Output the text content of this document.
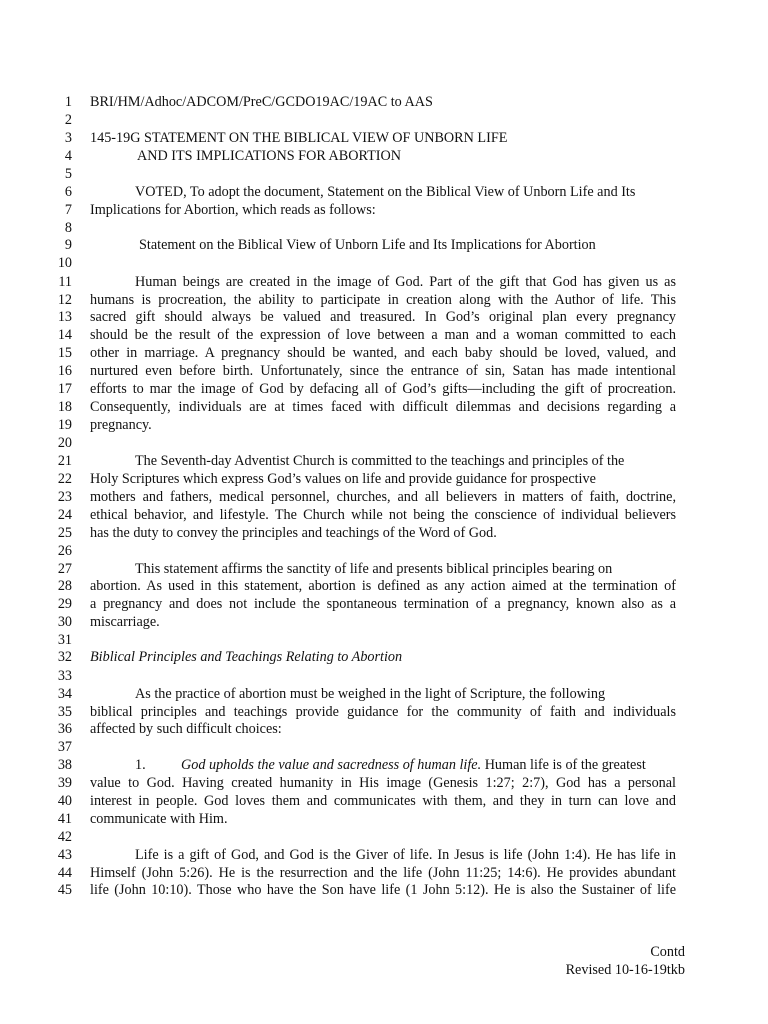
1 BRI/HM/Adhoc/ADCOM/PreC/GCDO19AC/19AC to AAS
2
3 145-19G STATEMENT ON THE BIBLICAL VIEW OF UNBORN LIFE
4	AND ITS IMPLICATIONS FOR ABORTION
5
6	VOTED, To adopt the document, Statement on the Biblical View of Unborn Life and Its
7 Implications for Abortion, which reads as follows:
8
9	Statement on the Biblical View of Unborn Life and Its Implications for Abortion
10
11	Human beings are created in the image of God. Part of the gift that God has given us as
12 humans is procreation, the ability to participate in creation along with the Author of life. This
13 sacred gift should always be valued and treasured. In God’s original plan every pregnancy
14 should be the result of the expression of love between a man and a woman committed to each
15 other in marriage. A pregnancy should be wanted, and each baby should be loved, valued, and
16 nurtured even before birth. Unfortunately, since the entrance of sin, Satan has made intentional
17 efforts to mar the image of God by defacing all of God’s gifts—including the gift of procreation.
18 Consequently, individuals are at times faced with difficult dilemmas and decisions regarding a
19 pregnancy.
20
21	The Seventh-day Adventist Church is committed to the teachings and principles of the
22 Holy Scriptures which express God’s values on life and provide guidance for prospective
23 mothers and fathers, medical personnel, churches, and all believers in matters of faith, doctrine,
24 ethical behavior, and lifestyle. The Church while not being the conscience of individual believers
25 has the duty to convey the principles and teachings of the Word of God.
26
27	This statement affirms the sanctity of life and presents biblical principles bearing on
28 abortion. As used in this statement, abortion is defined as any action aimed at the termination of
29 a pregnancy and does not include the spontaneous termination of a pregnancy, known also as a
30 miscarriage.
31
32 Biblical Principles and Teachings Relating to Abortion
33
34	As the practice of abortion must be weighed in the light of Scripture, the following
35 biblical principles and teachings provide guidance for the community of faith and individuals
36 affected by such difficult choices:
37
38	1. God upholds the value and sacredness of human life. Human life is of the greatest
39 value to God. Having created humanity in His image (Genesis 1:27; 2:7), God has a personal
40 interest in people. God loves them and communicates with them, and they in turn can love and
41 communicate with Him.
42
43	Life is a gift of God, and God is the Giver of life. In Jesus is life (John 1:4). He has life in
44 Himself (John 5:26). He is the resurrection and the life (John 11:25; 14:6). He provides abundant
45 life (John 10:10). Those who have the Son have life (1 John 5:12). He is also the Sustainer of life
Contd
Revised 10-16-19tkb
